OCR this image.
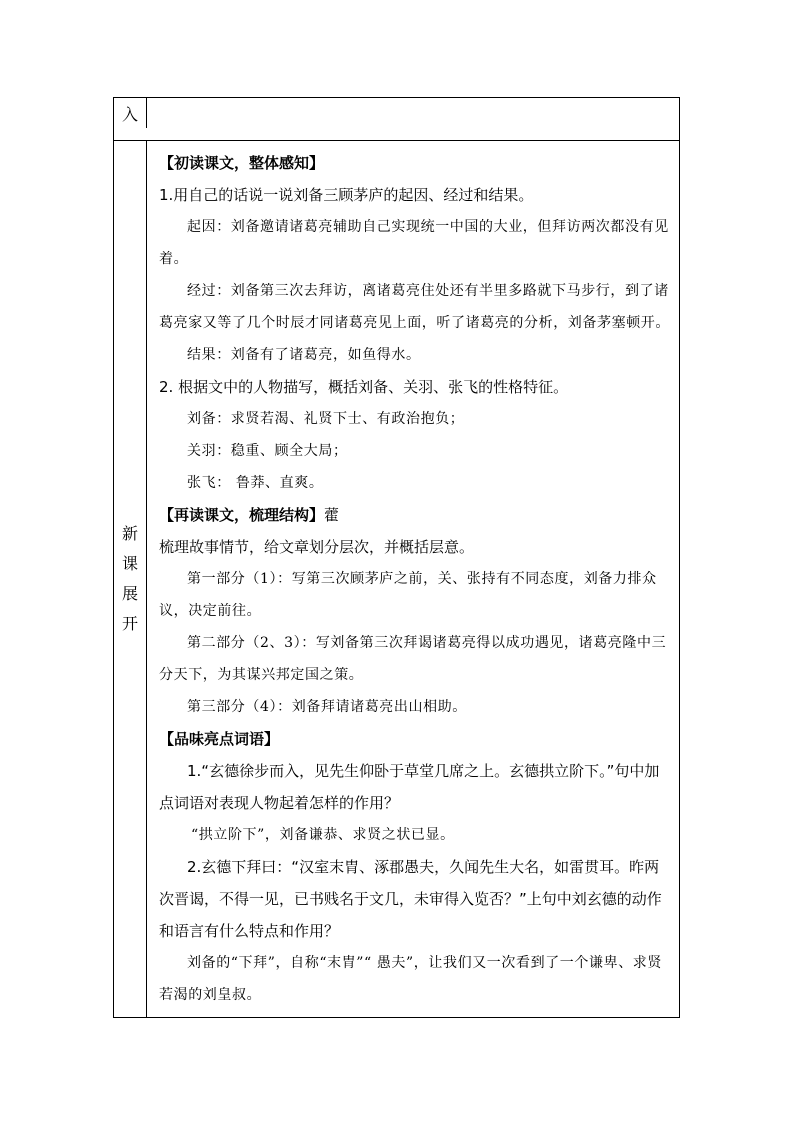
入
新
课
展
开

【初读课文，整体感知】

1.用自己的话说一说刘备三顾茅庐的起因、经过和结果。

起因：刘备邀请诸葛亮辅助自己实现统一中国的大业，但拜访两次都没有见着。

经过：刘备第三次去拜访，离诸葛亮住处还有半里多路就下马步行，到了诸葛亮家又等了几个时辰才同诸葛亮见上面，听了诸葛亮的分析，刘备茅塞顿开。

结果：刘备有了诸葛亮，如鱼得水。

2. 根据文中的人物描写，概括刘备、关羽、张飞的性格特征。

刘备：求贤若渴、礼贤下士、有政治抱负；

关羽：稳重、顾全大局；

张飞： 鲁莽、直爽。

【再读课文，梳理结构】藿

梳理故事情节，给文章划分层次，并概括层意。

第一部分（1）：写第三次顾茅庐之前，关、张持有不同态度，刘备力排众议，决定前往。

第二部分（2、3）：写刘备第三次拜谒诸葛亮得以成功遇见，诸葛亮隆中三分天下，为其谋兴邦定国之策。

第三部分（4）：刘备拜请诸葛亮出山相助。

【品味亮点词语】

1.“玄德徐步而入，见先生仰卧于草堂几席之上。玄德拱立阶下。”句中加点词语对表现人物起着怎样的作用？

“拱立阶下”，刘备谦恭、求贤之状已显。

2.玄德下拜曰：“汉室末胄、涿郡愚夫，久闻先生大名，如雷贯耳。昨两次晋谒，不得一见，已书贱名于文几，未审得入览否？”上句中刘玄德的动作和语言有什么特点和作用？

刘备的“下拜”，自称“末胄”“ 愚夫”，让我们又一次看到了一个谦卑、求贤若渴的刘皇叔。
